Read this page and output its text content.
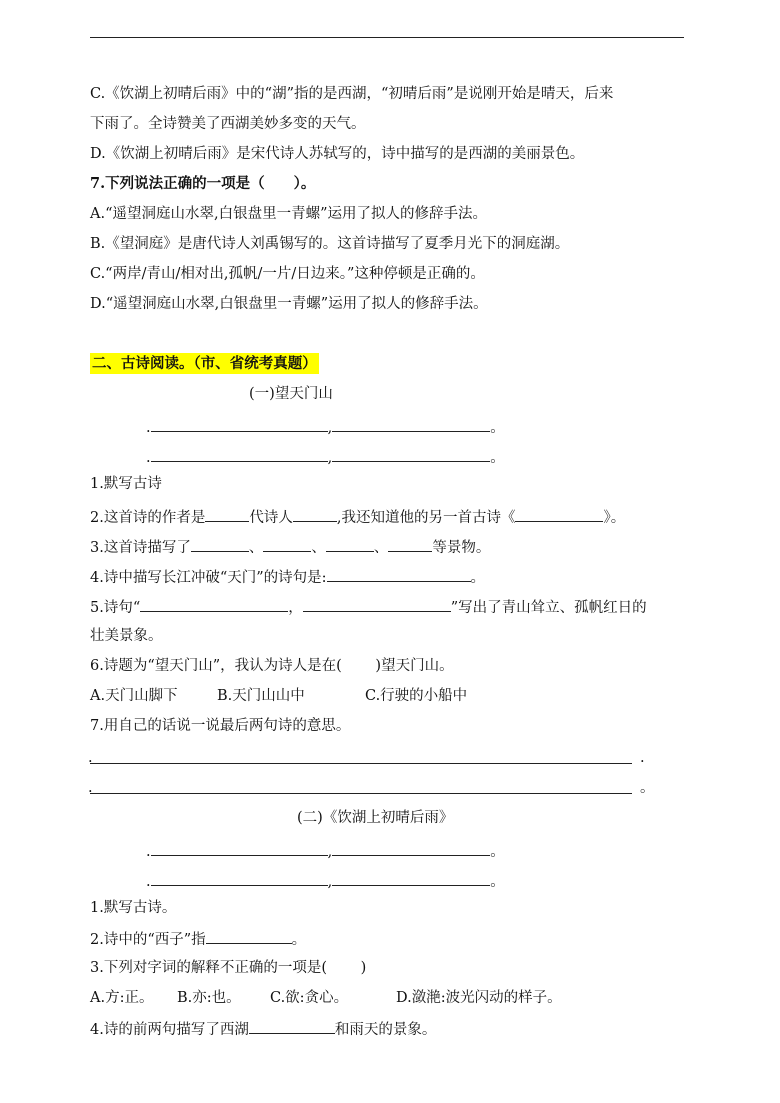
C.《饮湖上初晴后雨》中的“湖”指的是西湖，“初晴后雨”是说刚开始是晴天，后来
下雨了。全诗赞美了西湖美妙多变的天气。
D.《饮湖上初晴后雨》是宋代诗人苏轼写的，诗中描写的是西湖的美丽景色。
7.下列说法正确的一项是（　　）。
A.“遥望洞庭山水翠,白银盘里一青螺”运用了拟人的修辞手法。
B.《望洞庭》是唐代诗人刘禹锡写的。这首诗描写了夏季月光下的洞庭湖。
C.“两岸/青山/相对出,孤帆/一片/日边来。”这种停顿是正确的。
D.“遥望洞庭山水翠,白银盘里一青螺”运用了拟人的修辞手法。
二、古诗阅读。（市、省统考真题）
(一)望天门山
.	,	。
.	,	。
1.默写古诗
2.这首诗的作者是	代诗人	,我还知道他的另一首古诗《	》。
3.这首诗描写了	、	、	、	等景物。
4.诗中描写长江冲破“天门”的诗句是:	。
5.诗句“	，	”写出了青山耸立、孤帆红日的
壮美景象。
6.诗题为“望天门山”，我认为诗人是在(　　 )望天门山。
A.天门山脚下	B.天门山山中	C.行驶的小船中
7.用自己的话说一说最后两句诗的意思。
.	.
.	。
(二)《饮湖上初晴后雨》
.	,	。
.	,	。
1.默写古诗。
2.诗中的“西子”指	。
3.下列对字词的解释不正确的一项是(　　 )
A.方:正。 B.亦:也。 C.欲:贪心。	D.潋滟:波光闪动的样子。
4.诗的前两句描写了西湖	和雨天的景象。
